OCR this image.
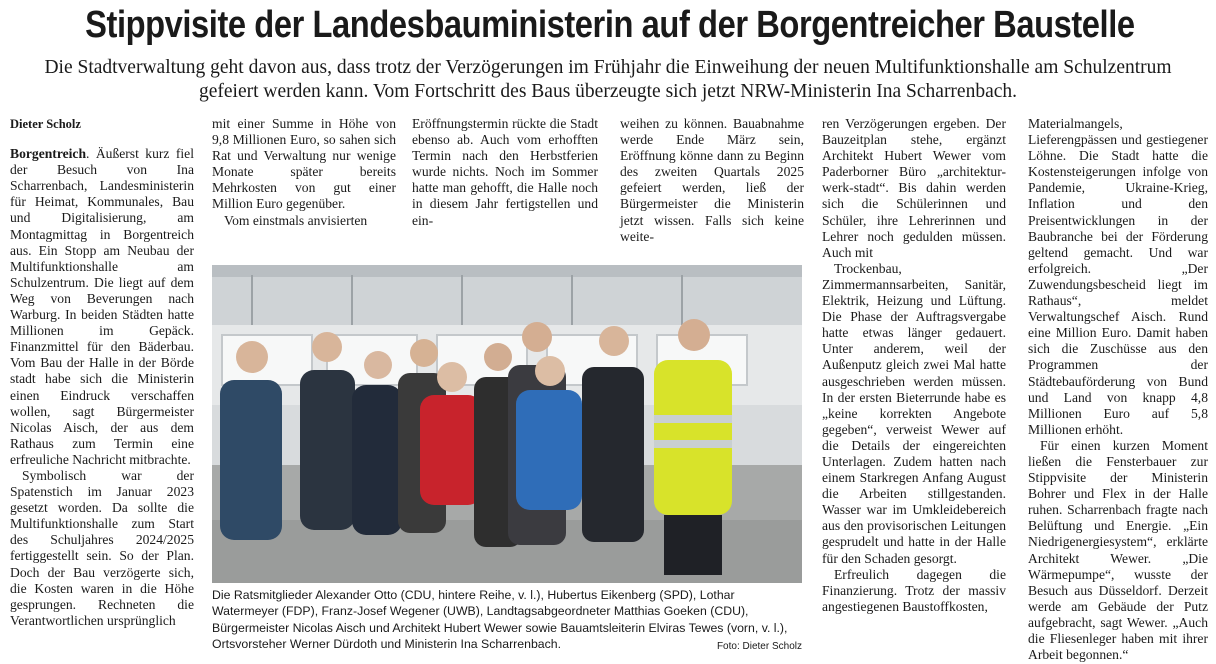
Stippvisite der Landesbauministerin auf der Borgentreicher Baustelle
Die Stadtverwaltung geht davon aus, dass trotz der Verzögerungen im Frühjahr die Einweihung der neuen Multifunktionshalle am Schulzentrum gefeiert werden kann. Vom Fortschritt des Baus überzeugte sich jetzt NRW-Ministerin Ina Scharrenbach.

Dieter Scholz

Borgentreich. Äußerst kurz fiel der Besuch von Ina Scharrenbach, Landesministerin für Heimat, Kommunales, Bau und Digitalisierung, am Montagmittag in Borgentreich aus. Ein Stopp am Neubau der Multifunktionshalle am Schulzentrum. Die liegt auf dem Weg von Beverungen nach Warburg. In beiden Städten hatte Millionen im Gepäck. Finanzmittel für den Bäderbau. Vom Bau der Halle in der Börde stadt habe sich die Ministerin einen Eindruck verschaffen wollen, sagt Bürgermeister Nicolas Aisch, der aus dem Rathaus zum Termin eine erfreuliche Nachricht mitbrachte.

Symbolisch war der Spatenstich im Januar 2023 gesetzt worden. Da sollte die Multifunktionshalle zum Start des Schuljahres 2024/2025 fertiggestellt sein. So der Plan. Doch der Bau verzögerte sich, die Kosten waren in die Höhe gesprungen. Rechneten die Verantwortlichen ursprünglich

mit einer Summe in Höhe von 9,8 Millionen Euro, so sahen sich Rat und Verwaltung nur wenige Monate später bereits Mehrkosten von gut einer Million Euro gegenüber.

Vom einstmals anvisierten

Eröffnungstermin rückte die Stadt ebenso ab. Auch vom erhofften Termin nach den Herbstferien wurde nichts. Noch im Sommer hatte man gehofft, die Halle noch in diesem Jahr fertigstellen und ein-

weihen zu können. Bauabnahme werde Ende März sein, Eröffnung könne dann zu Beginn des zweiten Quartals 2025 gefeiert werden, ließ der Bürgermeister die Ministerin jetzt wissen. Falls sich keine weite-

ren Verzögerungen ergeben. Der Bauzeitplan stehe, ergänzt Architekt Hubert Wewer vom Paderborner Büro „architektur-werk-stadt“. Bis dahin werden sich die Schülerinnen und Schüler, ihre Lehrerinnen und Lehrer noch gedulden müssen. Auch mit

Trockenbau, Zimmermannsarbeiten, Sanitär, Elektrik, Heizung und Lüftung. Die Phase der Auftragsvergabe hatte etwas länger gedauert. Unter anderem, weil der Außenputz gleich zwei Mal hatte ausgeschrieben werden müssen. In der ersten Bieterrunde habe es „keine korrekten Angebote gegeben“, verweist Wewer auf die Details der eingereichten Unterlagen. Zudem hatten nach einem Starkregen Anfang August die Arbeiten stillgestanden. Wasser war im Umkleidebereich aus den provisorischen Leitungen gesprudelt und hatte in der Halle für den Schaden gesorgt.

Erfreulich dagegen die Finanzierung. Trotz der massiv angestiegenen Baustoffkosten,

Materialmangels, Lieferengpässen und gestiegener Löhne. Die Stadt hatte die Kostensteigerungen infolge von Pandemie, Ukraine-Krieg, Inflation und den Preisentwicklungen in der Baubranche bei der Förderung geltend gemacht. Und war erfolgreich. „Der Zuwendungsbescheid liegt im Rathaus“, meldet Verwaltungschef Aisch. Rund eine Million Euro. Damit haben sich die Zuschüsse aus den Programmen der Städtebauförderung von Bund und Land von knapp 4,8 Millionen Euro auf 5,8 Millionen erhöht.

Für einen kurzen Moment ließen die Fensterbauer zur Stippvisite der Ministerin Bohrer und Flex in der Halle ruhen. Scharrenbach fragte nach Belüftung und Energie. „Ein Niedrigenergiesystem“, erklärte Architekt Wewer. „Die Wärmepumpe“, wusste der Besuch aus Düsseldorf. Derzeit werde am Gebäude der Putz aufgebracht, sagt Wewer. „Auch die Fliesenleger haben mit ihrer Arbeit begonnen.“

Die Ratsmitglieder Alexander Otto (CDU, hintere Reihe, v. l.), Hubertus Eikenberg (SPD), Lothar Watermeyer (FDP), Franz-Josef Wegener (UWB), Landtagsabgeordneter Matthias Goeken (CDU), Bürgermeister Nicolas Aisch und Architekt Hubert Wewer sowie Bauamtsleiterin Elviras Tewes (vorn, v. l.), Ortsvorsteher Werner Dürdoth und Ministerin Ina Scharrenbach.	Foto: Dieter Scholz
